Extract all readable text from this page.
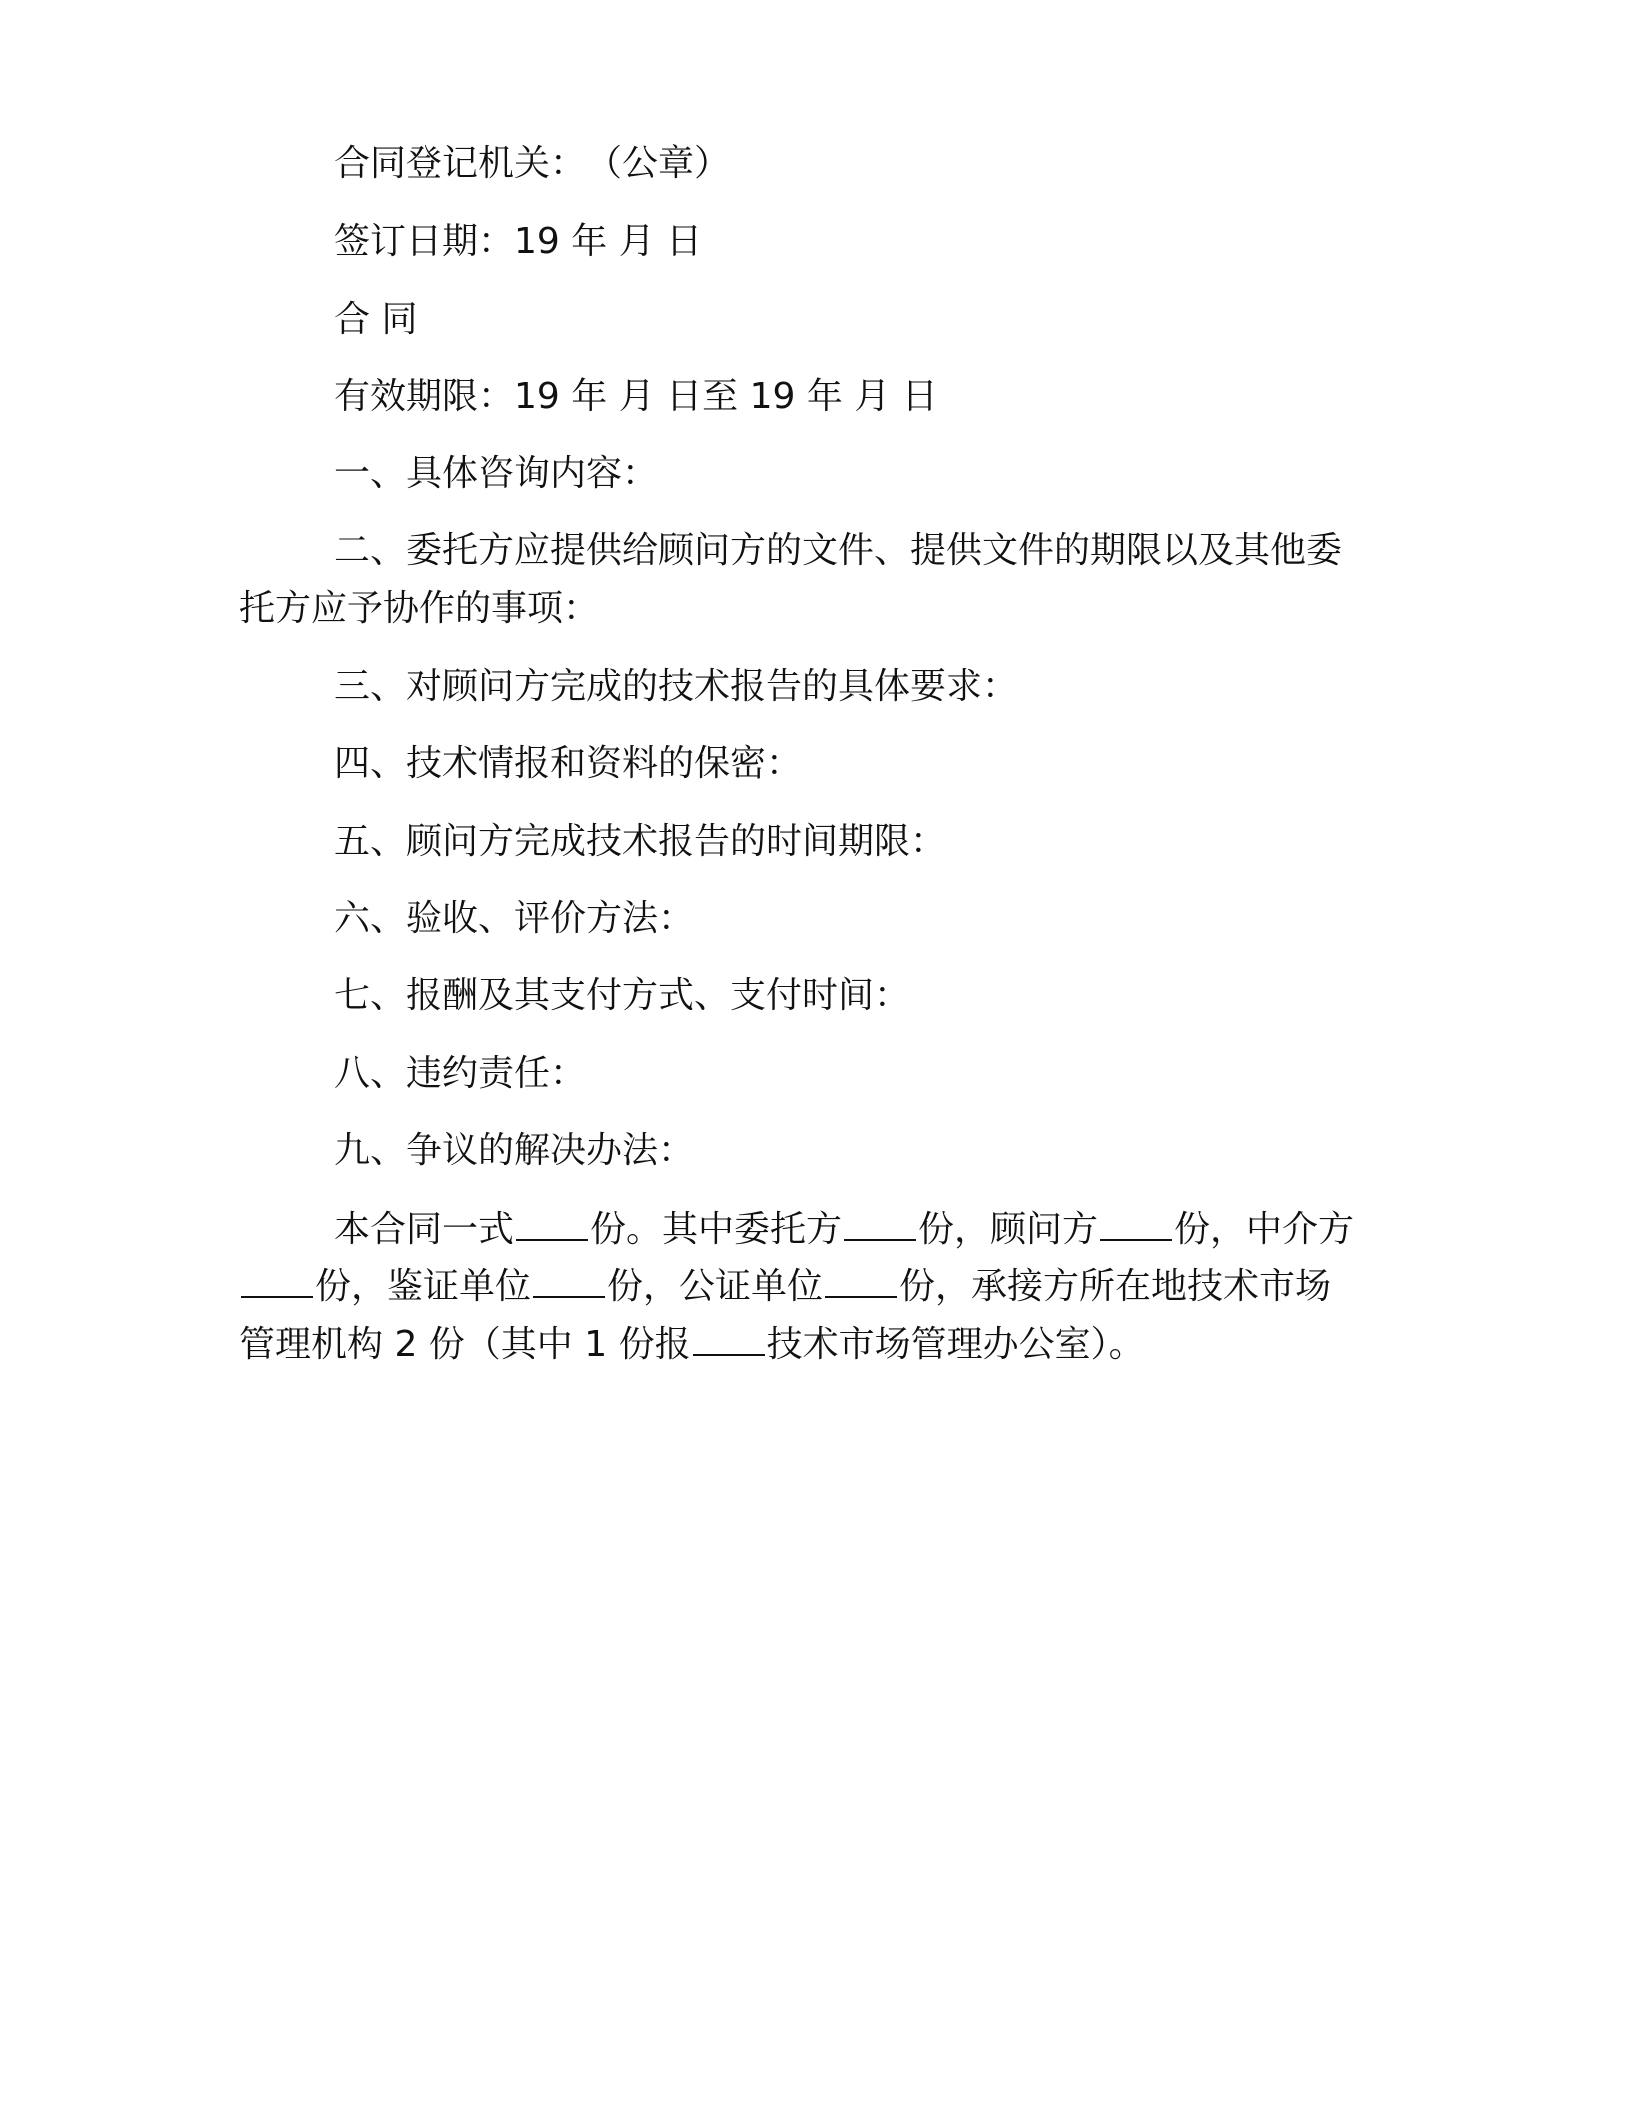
合同登记机关：　（公章）
签订日期：19 年 月 日
合 同
有效期限：19 年 月 日至 19 年 月 日
一、具体咨询内容：
二、委托方应提供给顾问方的文件、提供文件的期限以及其他委
托方应予协作的事项：
三、对顾问方完成的技术报告的具体要求：
四、技术情报和资料的保密：
五、顾问方完成技术报告的时间期限：
六、验收、评价方法：
七、报酬及其支付方式、支付时间：
八、违约责任：
九、争议的解决办法：
本合同一式 份。其中委托方 份，顾问方 份，中介方
份，鉴证单位 份，公证单位 份，承接方所在地技术市场
管理机构 2 份（其中 1 份报 技术市场管理办公室）。
